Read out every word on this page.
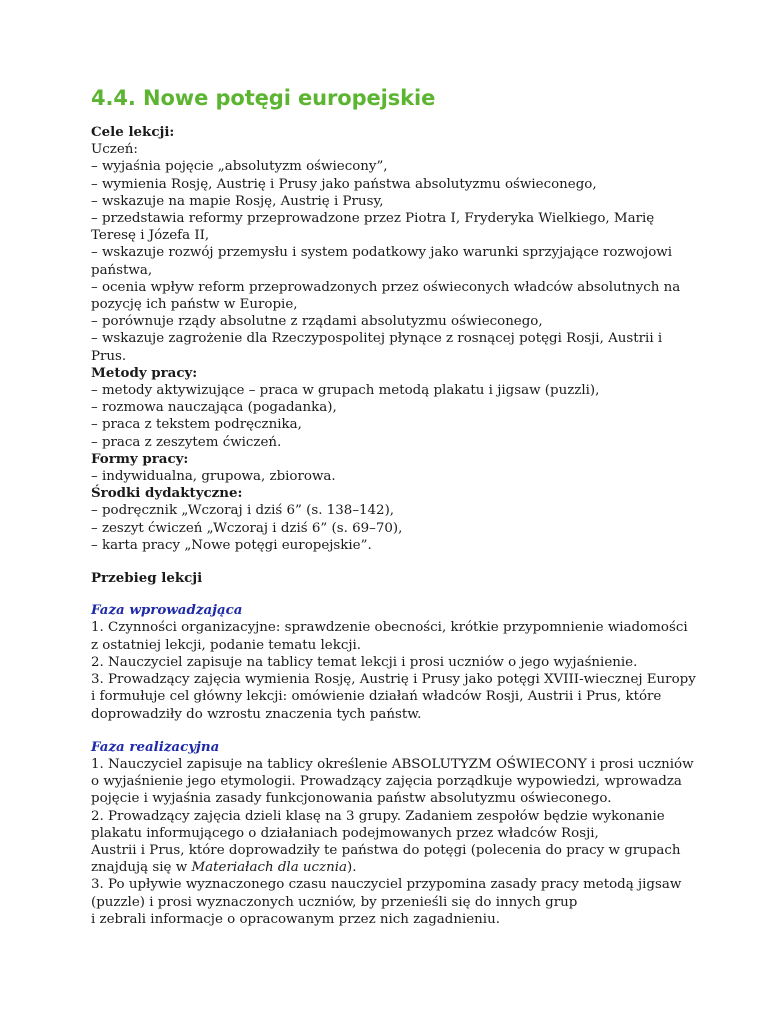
4.4. Nowe potęgi europejskie
Cele lekcji:
Uczeń:
– wyjaśnia pojęcie „absolutyzm oświecony”,
– wymienia Rosję, Austrię i Prusy jako państwa absolutyzmu oświeconego,
– wskazuje na mapie Rosję, Austrię i Prusy,
– przedstawia reformy przeprowadzone przez Piotra I, Fryderyka Wielkiego, Marię
Teresę i Józefa II,
– wskazuje rozwój przemysłu i system podatkowy jako warunki sprzyjające rozwojowi
państwa,
– ocenia wpływ reform przeprowadzonych przez oświeconych władców absolutnych na
pozycję ich państw w Europie,
– porównuje rządy absolutne z rządami absolutyzmu oświeconego,
– wskazuje zagrożenie dla Rzeczypospolitej płynące z rosnącej potęgi Rosji, Austrii i
Prus.
Metody pracy:
– metody aktywizujące – praca w grupach metodą plakatu i jigsaw (puzzli),
– rozmowa nauczająca (pogadanka),
– praca z tekstem podręcznika,
– praca z zeszytem ćwiczeń.
Formy pracy:
– indywidualna, grupowa, zbiorowa.
Środki dydaktyczne:
– podręcznik „Wczoraj i dziś 6” (s. 138–142),
– zeszyt ćwiczeń „Wczoraj i dziś 6” (s. 69–70),
– karta pracy „Nowe potęgi europejskie”.
Przebieg lekcji
Faza wprowadzająca
1. Czynności organizacyjne: sprawdzenie obecności, krótkie przypomnienie wiadomości
z ostatniej lekcji, podanie tematu lekcji.
2. Nauczyciel zapisuje na tablicy temat lekcji i prosi uczniów o jego wyjaśnienie.
3. Prowadzący zajęcia wymienia Rosję, Austrię i Prusy jako potęgi XVIII-wiecznej Europy
i formułuje cel główny lekcji: omówienie działań władców Rosji, Austrii i Prus, które
doprowadziły do wzrostu znaczenia tych państw.
Faza realizacyjna
1. Nauczyciel zapisuje na tablicy określenie ABSOLUTYZM OŚWIECONY i prosi uczniów
o wyjaśnienie jego etymologii. Prowadzący zajęcia porządkuje wypowiedzi, wprowadza
pojęcie i wyjaśnia zasady funkcjonowania państw absolutyzmu oświeconego.
2. Prowadzący zajęcia dzieli klasę na 3 grupy. Zadaniem zespołów będzie wykonanie
plakatu informującego o działaniach podejmowanych przez władców Rosji,
Austrii i Prus, które doprowadziły te państwa do potęgi (polecenia do pracy w grupach
znajdują się w Materiałach dla ucznia).
3. Po upływie wyznaczonego czasu nauczyciel przypomina zasady pracy metodą jigsaw
(puzzle) i prosi wyznaczonych uczniów, by przenieśli się do innych grup
i zebrali informacje o opracowanym przez nich zagadnieniu.
